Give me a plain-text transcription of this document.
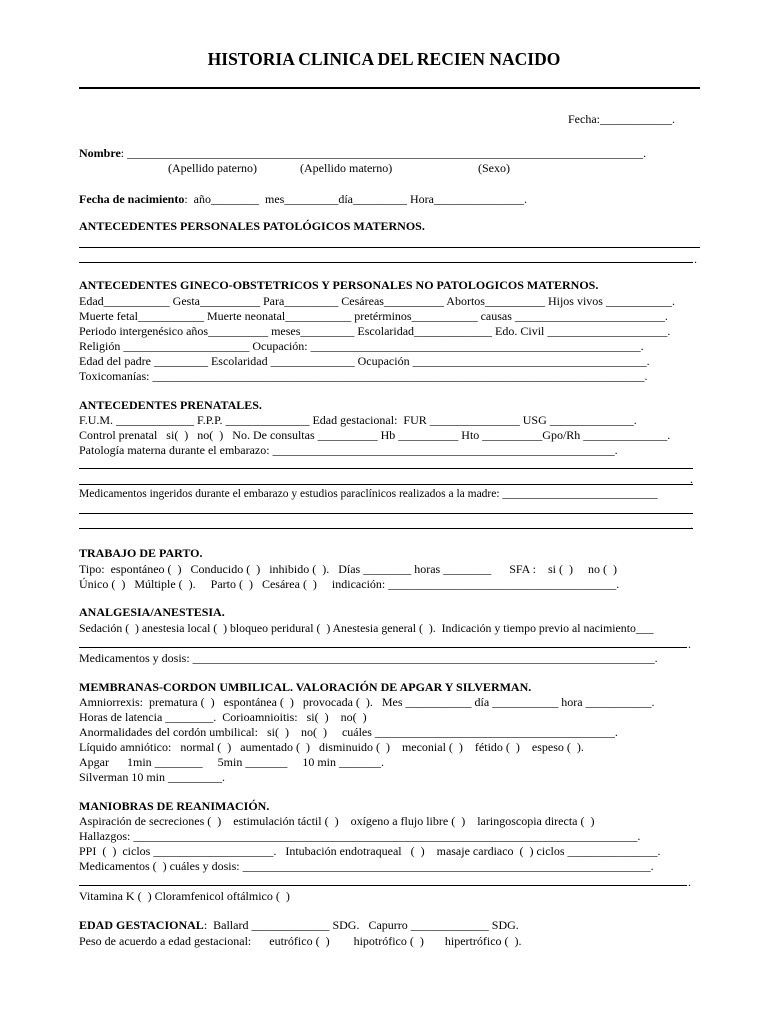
HISTORIA CLINICA DEL RECIEN NACIDO
Fecha:____________.
Nombre: ______________________________________________________________________________________.
(Apellido paterno)	(Apellido materno)	(Sexo)
Fecha de nacimiento:  año________  mes_________día_________ Hora_______________.
ANTECEDENTES PERSONALES PATOLÓGICOS MATERNOS.
.
ANTECEDENTES GINECO-OBSTETRICOS Y PERSONALES NO PATOLOGICOS MATERNOS.
Edad___________ Gesta__________ Para_________ Cesáreas__________ Abortos__________ Hijos vivos ___________.
Muerte fetal___________ Muerte neonatal___________ pretérminos___________ causas _________________________.
Periodo intergenésico años__________ meses_________ Escolaridad_____________ Edo. Civil ____________________.
Religión _____________________ Ocupación: _______________________________________________________.
Edad del padre _________ Escolaridad ______________ Ocupación _______________________________________.
Toxicomanías: __________________________________________________________________________________.
ANTECEDENTES PRENATALES.
F.U.M. _____________ F.P.P. ______________ Edad gestacional:  FUR _______________ USG ______________.
Control prenatal   si(  )   no(  )   No. De consultas __________ Hb __________ Hto __________Gpo/Rh ______________.
Patología materna durante el embarazo: _________________________________________________________.
.
Medicamentos ingeridos durante el embarazo y estudios paraclínicos realizados a la madre: ___________________________
.
TRABAJO DE PARTO.
Tipo:  espontáneo (  )   Conducido (  )   inhibido (  ).   Días ________ horas ________      SFA :    si (  )     no (  )
Único (  )   Múltiple (  ).     Parto (  )   Cesárea (  )     indicación: ______________________________________.
ANALGESIA/ANESTESIA.
Sedación (  ) anestesia local (  ) bloqueo peridural (  ) Anestesia general (  ).  Indicación y tiempo previo al nacimiento___
.
Medicamentos y dosis: _____________________________________________________________________________.
MEMBRANAS-CORDON UMBILICAL. VALORACIÓN DE APGAR Y SILVERMAN.
Amniorrexis:  prematura (  )   espontánea (  )   provocada (  ).   Mes ___________ día ___________ hora ___________.
Horas de latencia ________.  Corioamnioitis:   si(  )    no(  )
Anormalidades del cordón umbilical:   si(  )    no(  )     cuáles ________________________________________.
Líquido amniótico:   normal (  )   aumentado (  )   disminuido (  )    meconial (  )    fétido (  )    espeso (  ).
Apgar      1min ________     5min _______     10 min _______.
Silverman 10 min _________.
MANIOBRAS DE REANIMACIÓN.
Aspiración de secreciones (  )    estimulación táctil (  )    oxígeno a flujo libre (  )    laringoscopia directa (  )
Hallazgos: ____________________________________________________________________________________.
PPI  (  )  ciclos ____________________.   Intubación endotraqueal   (  )    masaje cardiaco  (  ) ciclos _______________.
Medicamentos (  ) cuáles y dosis: ____________________________________________________________________.
.
Vitamina K (  ) Cloramfenicol oftálmico (  )
EDAD GESTACIONAL:  Ballard _____________ SDG.   Capurro _____________ SDG.
Peso de acuerdo a edad gestacional:      eutrófico (  )        hipotrófico (  )       hipertrófico (  ).
